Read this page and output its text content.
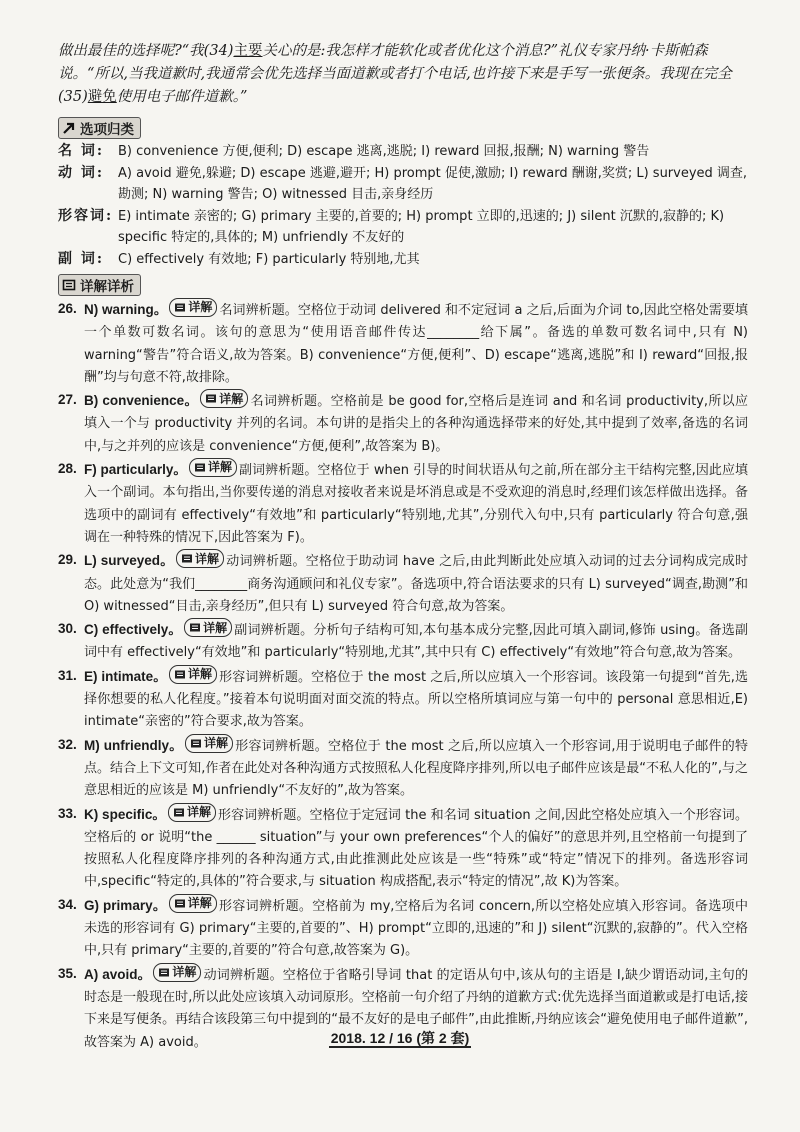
做出最佳的选择呢?“我(34)主要关心的是:我怎样才能软化或者优化这个消息?”礼仪专家丹纳·卡斯帕森说。“所以,当我道歉时,我通常会优先选择当面道歉或者打个电话,也许接下来是手写一张便条。我现在完全(35)避免使用电子邮件道歉。”

选项归类
名 词:	B) convenience 方便,便利; D) escape 逃离,逃脱; I) reward 回报,报酬; N) warning 警告
动 词:	A) avoid 避免,躲避; D) escape 逃避,避开; H) prompt 促使,激励; I) reward 酬谢,奖赏; L) surveyed 调查,勘测; N) warning 警告; O) witnessed 目击,亲身经历
形容词: E) intimate 亲密的; G) primary 主要的,首要的; H) prompt 立即的,迅速的; J) silent 沉默的,寂静的; K) specific 特定的,具体的; M) unfriendly 不友好的
副 词:	C) effectively 有效地; F) particularly 特别地,尤其
详解详析
26. N) warning。 详解 名词辨析题。空格位于动词 delivered 和不定冠词 a 之后,后面为介词 to,因此空格处需要填一个单数可数名词。该句的意思为“使用语音邮件传达________给下属”。备选的单数可数名词中,只有 N) warning“警告”符合语义,故为答案。B) convenience“方便,便利”、D) escape“逃离,逃脱”和 I) reward“回报,报酬”均与句意不符,故排除。
27. B) convenience。 详解 名词辨析题。空格前是 be good for,空格后是连词 and 和名词 productivity,所以应填入一个与 productivity 并列的名词。本句讲的是指尖上的各种沟通选择带来的好处,其中提到了效率,备选的名词中,与之并列的应该是 convenience“方便,便利”,故答案为 B)。
28. F) particularly。 详解 副词辨析题。空格位于 when 引导的时间状语从句之前,所在部分主干结构完整,因此应填入一个副词。本句指出,当你要传递的消息对接收者来说是坏消息或是不受欢迎的消息时,经理们该怎样做出选择。备选项中的副词有 effectively“有效地”和 particularly“特别地,尤其”,分别代入句中,只有 particularly 符合句意,强调在一种特殊的情况下,因此答案为 F)。
29. L) surveyed。 详解 动词辨析题。空格位于助动词 have 之后,由此判断此处应填入动词的过去分词构成完成时态。此处意为“我们________商务沟通顾问和礼仪专家”。备选项中,符合语法要求的只有 L) surveyed“调查,勘测”和 O) witnessed“目击,亲身经历”,但只有 L) surveyed 符合句意,故为答案。
30. C) effectively。 详解 副词辨析题。分析句子结构可知,本句基本成分完整,因此可填入副词,修饰 using。备选副词中有 effectively“有效地”和 particularly“特别地,尤其”,其中只有 C) effectively“有效地”符合句意,故为答案。
31. E) intimate。 详解 形容词辨析题。空格位于 the most 之后,所以应填入一个形容词。该段第一句提到“首先,选择你想要的私人化程度。”接着本句说明面对面交流的特点。所以空格所填词应与第一句中的 personal 意思相近,E) intimate“亲密的”符合要求,故为答案。
32. M) unfriendly。 详解 形容词辨析题。空格位于 the most 之后,所以应填入一个形容词,用于说明电子邮件的特点。结合上下文可知,作者在此处对各种沟通方式按照私人化程度降序排列,所以电子邮件应该是最“不私人化的”,与之意思相近的应该是 M) unfriendly“不友好的”,故为答案。
33. K) specific。 详解 形容词辨析题。空格位于定冠词 the 和名词 situation 之间,因此空格处应填入一个形容词。空格后的 or 说明“the ______ situation”与 your own preferences“个人的偏好”的意思并列,且空格前一句提到了按照私人化程度降序排列的各种沟通方式,由此推测此处应该是一些“特殊”或“特定”情况下的排列。备选形容词中,specific“特定的,具体的”符合要求,与 situation 构成搭配,表示“特定的情况”,故 K)为答案。
34. G) primary。 详解 形容词辨析题。空格前为 my,空格后为名词 concern,所以空格处应填入形容词。备选项中未选的形容词有 G) primary“主要的,首要的”、H) prompt“立即的,迅速的”和 J) silent“沉默的,寂静的”。代入空格中,只有 primary“主要的,首要的”符合句意,故答案为 G)。
35. A) avoid。 详解 动词辨析题。空格位于省略引导词 that 的定语从句中,该从句的主语是 I,缺少谓语动词,主句的时态是一般现在时,所以此处应该填入动词原形。空格前一句介绍了丹纳的道歉方式:优先选择当面道歉或是打电话,接下来是写便条。再结合该段第三句中提到的“最不友好的是电子邮件”,由此推断,丹纳应该会“避免使用电子邮件道歉”,故答案为 A) avoid。	2018. 12 / 16 (第 2 套)
